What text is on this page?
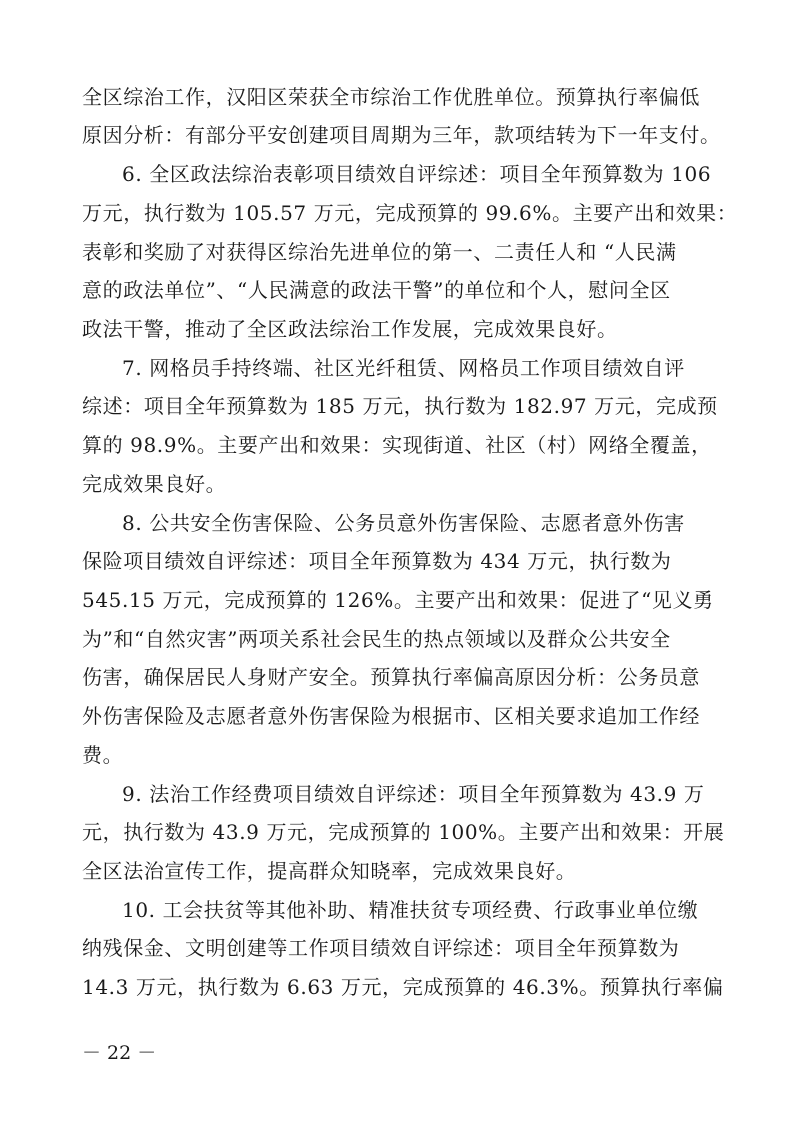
全区综治工作，汉阳区荣获全市综治工作优胜单位。预算执行率偏低
原因分析：有部分平安创建项目周期为三年，款项结转为下一年支付。
6. 全区政法综治表彰项目绩效自评综述：项目全年预算数为 106
万元，执行数为 105.57 万元，完成预算的 99.6%。主要产出和效果：
表彰和奖励了对获得区综治先进单位的第一、二责任人和 “人民满
意的政法单位”、“人民满意的政法干警”的单位和个人，慰问全区
政法干警，推动了全区政法综治工作发展，完成效果良好。
7. 网格员手持终端、社区光纤租赁、网格员工作项目绩效自评
综述：项目全年预算数为 185 万元，执行数为 182.97 万元，完成预
算的 98.9%。主要产出和效果：实现街道、社区（村）网络全覆盖，
完成效果良好。
8. 公共安全伤害保险、公务员意外伤害保险、志愿者意外伤害
保险项目绩效自评综述：项目全年预算数为 434 万元，执行数为
545.15 万元，完成预算的 126%。主要产出和效果：促进了“见义勇
为”和“自然灾害”两项关系社会民生的热点领域以及群众公共安全
伤害，确保居民人身财产安全。预算执行率偏高原因分析：公务员意
外伤害保险及志愿者意外伤害保险为根据市、区相关要求追加工作经
费。
9. 法治工作经费项目绩效自评综述：项目全年预算数为 43.9 万
元，执行数为 43.9 万元，完成预算的 100%。主要产出和效果：开展
全区法治宣传工作，提高群众知晓率，完成效果良好。
10. 工会扶贫等其他补助、精准扶贫专项经费、行政事业单位缴
纳残保金、文明创建等工作项目绩效自评综述：项目全年预算数为
14.3 万元，执行数为 6.63 万元，完成预算的 46.3%。预算执行率偏
－ 22 －
